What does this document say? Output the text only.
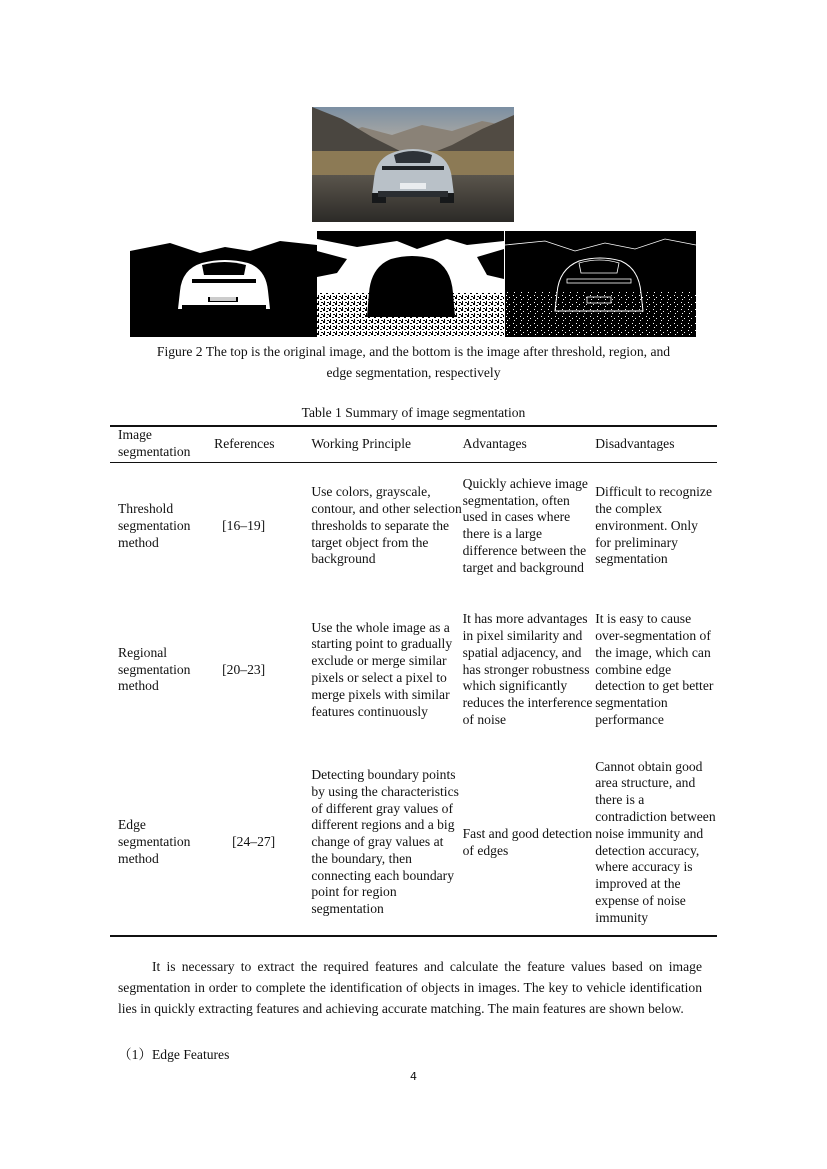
Figure 2 The top is the original image, and the bottom is the image after threshold, region, and
edge segmentation, respectively
Table 1 Summary of image segmentation
Image segmentation	References	Working Principle	Advantages	Disadvantages
Threshold segmentation method	[16–19]	Use colors, grayscale, contour, and other selection thresholds to separate the target object from the background	Quickly achieve image segmentation, often used in cases where there is a large difference between the target and background	Difficult to recognize the complex environment. Only for preliminary segmentation
Regional segmentation method	[20–23]	Use the whole image as a starting point to gradually exclude or merge similar pixels or select a pixel to merge pixels with similar features continuously	It has more advantages in pixel similarity and spatial adjacency, and has stronger robustness which significantly reduces the interference of noise	It is easy to cause over-segmentation of the image, which can combine edge detection to get better segmentation performance
Edge segmentation method	[24–27]	Detecting boundary points by using the characteristics of different gray values of different regions and a big change of gray values at the boundary, then connecting each boundary point for region segmentation	Fast and good detection of edges	Cannot obtain good area structure, and there is a contradiction between noise immunity and detection accuracy, where accuracy is improved at the expense of noise immunity

It is necessary to extract the required features and calculate the feature values based on image segmentation in order to complete the identification of objects in images. The key to vehicle identification lies in quickly extracting features and achieving accurate matching. The main features are shown below.

（1）Edge Features
4
